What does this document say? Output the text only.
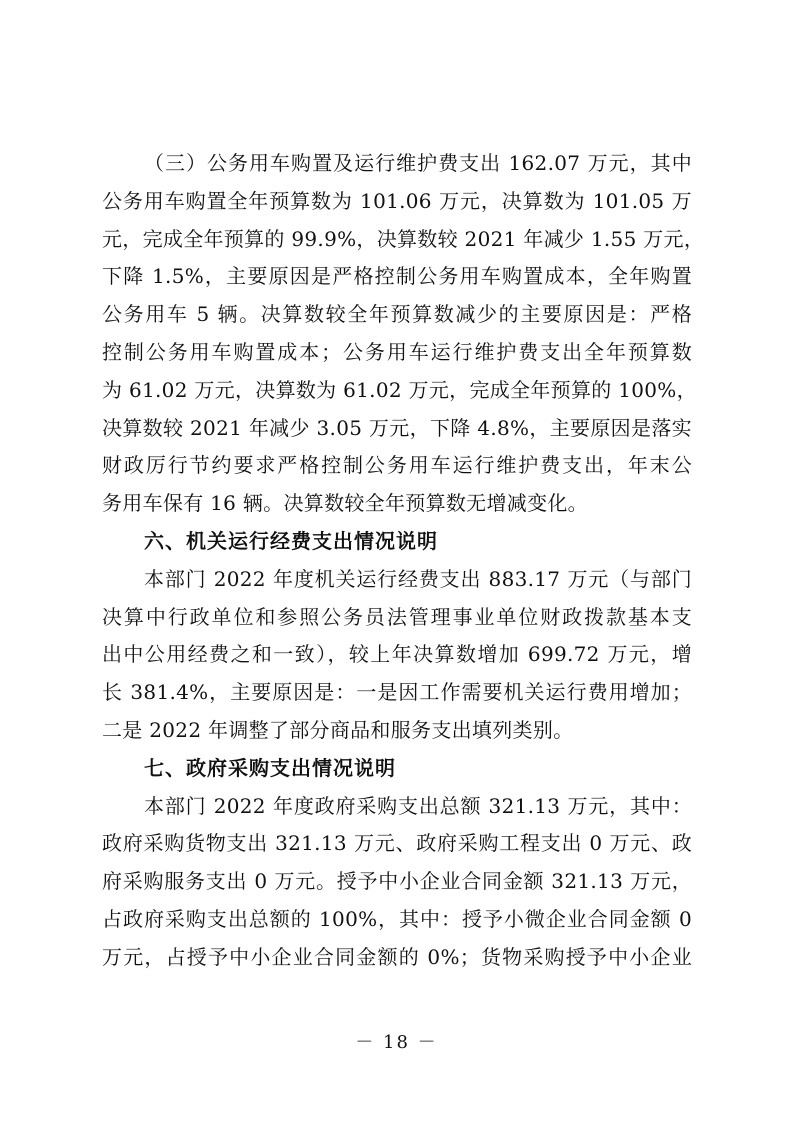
（三）公务用车购置及运行维护费支出 162.07 万元，其中
公务用车购置全年预算数为 101.06 万元，决算数为 101.05 万
元，完成全年预算的 99.9%，决算数较 2021 年减少 1.55 万元，
下降 1.5%，主要原因是严格控制公务用车购置成本，全年购置
公务用车 5 辆。决算数较全年预算数减少的主要原因是：严格
控制公务用车购置成本；公务用车运行维护费支出全年预算数
为 61.02 万元，决算数为 61.02 万元，完成全年预算的 100%，
决算数较 2021 年减少 3.05 万元，下降 4.8%，主要原因是落实
财政厉行节约要求严格控制公务用车运行维护费支出，年末公
务用车保有 16 辆。决算数较全年预算数无增减变化。
六、机关运行经费支出情况说明
本部门 2022 年度机关运行经费支出 883.17 万元（与部门
决算中行政单位和参照公务员法管理事业单位财政拨款基本支
出中公用经费之和一致），较上年决算数增加 699.72 万元，增
长 381.4%，主要原因是：一是因工作需要机关运行费用增加；
二是 2022 年调整了部分商品和服务支出填列类别。
七、政府采购支出情况说明
本部门 2022 年度政府采购支出总额 321.13 万元，其中：
政府采购货物支出 321.13 万元、政府采购工程支出 0 万元、政
府采购服务支出 0 万元。授予中小企业合同金额 321.13 万元，
占政府采购支出总额的 100%，其中：授予小微企业合同金额 0
万元，占授予中小企业合同金额的 0%；货物采购授予中小企业
－ 18 －
